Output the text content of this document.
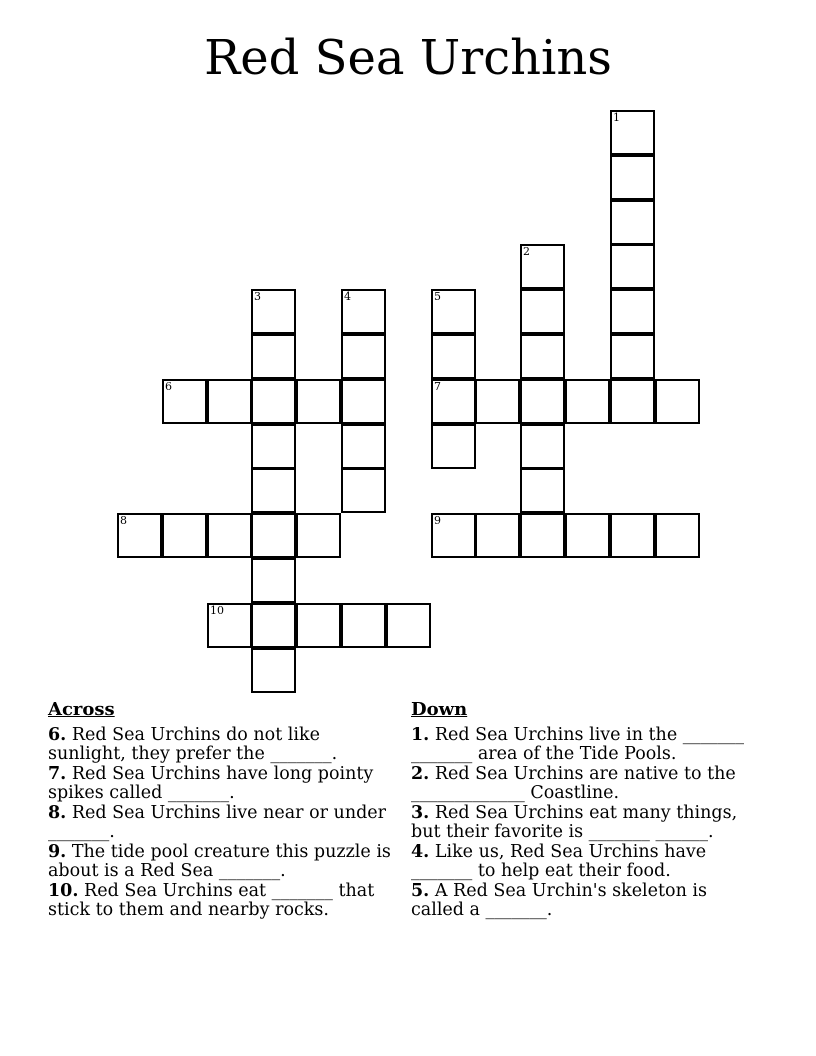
Red Sea Urchins
1
2
3	4	5
7
6
8	9
10
Across
6. Red Sea Urchins do not like sunlight, they prefer the _______.
7. Red Sea Urchins have long pointy spikes called _______.
8. Red Sea Urchins live near or under _______.
9. The tide pool creature this puzzle is about is a Red Sea _______.
10. Red Sea Urchins eat _______ that stick to them and nearby rocks.
Down
1. Red Sea Urchins live in the _______ _______ area of the Tide Pools.
2. Red Sea Urchins are native to the _____________ Coastline.
3. Red Sea Urchins eat many things, but their favorite is _______ ______.
4. Like us, Red Sea Urchins have _______ to help eat their food.
5. A Red Sea Urchin's skeleton is called a _______.
